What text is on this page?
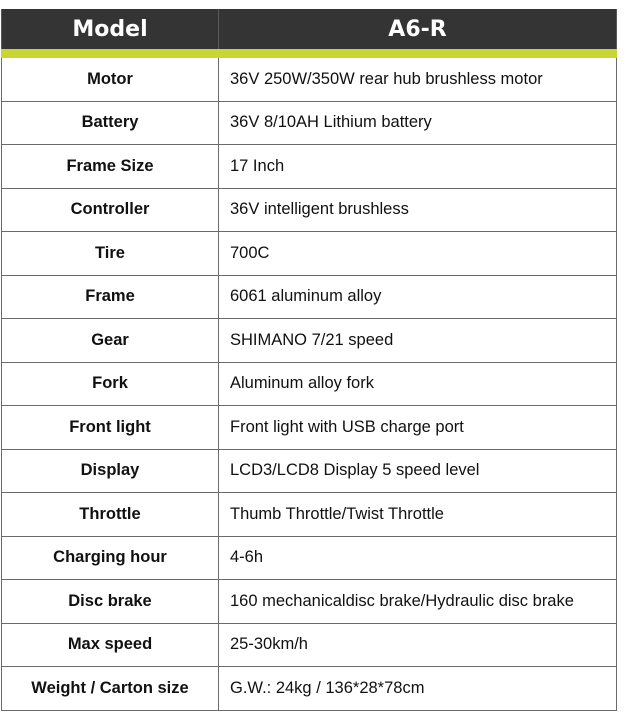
Model	A6-R
Motor	36V 250W/350W rear hub brushless motor
Battery	36V 8/10AH Lithium battery
Frame Size	17 Inch
Controller	36V intelligent brushless
Tire	700C
Frame	6061 aluminum alloy
Gear	SHIMANO 7/21 speed
Fork	Aluminum alloy fork
Front light	Front light with USB charge port
Display	LCD3/LCD8 Display 5 speed level
Throttle	Thumb Throttle/Twist Throttle
Charging hour	4-6h
Disc brake	160 mechanicaldisc brake/Hydraulic disc brake
Max speed	25-30km/h
Weight / Carton size	G.W.: 24kg / 136*28*78cm
